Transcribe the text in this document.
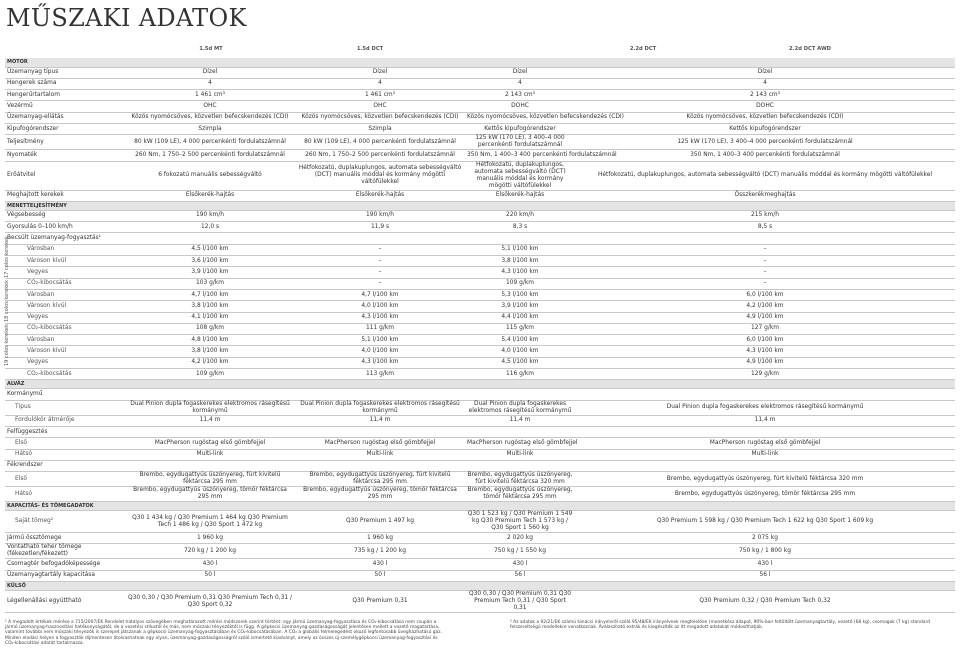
MŰSZAKI ADATOK
1.5d MT	1.5d DCT	2.2d DCT	2.2d DCT AWD
MOTOR				
Üzemanyag típus	Dízel	Dízel	Dízel	Dízel
Hengerek száma	4	4	4	4
Hengerűrtartalom	1 461 cm³	1 461 cm³	2 143 cm³	2 143 cm³
Vezérmű	OHC	OHC	DOHC	DOHC
Üzemanyag-ellátás	Közös nyomócsöves, közvetlen befecskendezés (CDI)	Közös nyomócsöves, közvetlen befecskendezés (CDI)	Közös nyomócsöves, közvetlen befecskendezés (CDI)	Közös nyomócsöves, közvetlen befecskendezés (CDI)
Kipufogórendszer	Szimpla	Szimpla	Kettős kipufogórendszer	Kettős kipufogórendszer
Teljesítmény	80 kW (109 LE), 4 000 percenkénti fordulatszámnál	80 kW (109 LE), 4 000 percenkénti fordulatszámnál	125 kW (170 LE), 3 400–4 000 percenkénti fordulatszámnál	125 kW (170 LE), 3 400–4 000 percenkénti fordulatszámnál
Nyomaték	260 Nm, 1 750–2 500 percenkénti fordulatszámnál	260 Nm, 1 750–2 500 percenkénti fordulatszámnál	350 Nm, 1 400–3 400 percenkénti fordulatszámnál	350 Nm, 1 400–3 400 percenkénti fordulatszámnál
Erőátvitel	6 fokozatú manuális sebességváltó	Hétfokozatú, duplakuplungos, automata sebességváltó (DCT) manuális móddal és kormány mögötti váltófülekkel	Hétfokozatú, duplakuplungos, automata sebességváltó (DCT) manuális móddal és kormány mögötti váltófülekkel	Hétfokozatú, duplakuplungos, automata sebességváltó (DCT) manuális móddal és kormány mögötti váltófülekkel
Meghajtott kerekek	Elsőkerék-hajtás	Elsőkerék-hajtás	Elsőkerék-hajtás	Összkerékmeghajtás
MENETTELJESÍTMÉNY				
Végsebesség	190 km/h	190 km/h	220 km/h	215 km/h
Gyorsulás 0–100 km/h	12,0 s	11,9 s	8,3 s	8,5 s
Becsült üzemanyag-fogyasztás¹				
Városban	4,5 l/100 km	–	5,1 l/100 km	–
Városon kívül	3,6 l/100 km	–	3,8 l/100 km	–
Vegyes	3,9 l/100 km	–	4,3 l/100 km	–
CO₂-kibocsátás	103 g/km	–	109 g/km	–
Városban	4,7 l/100 km	4,7 l/100 km	5,3 l/100 km	6,0 l/100 km
Városon kívül	3,8 l/100 km	4,0 l/100 km	3,9 l/100 km	4,2 l/100 km
Vegyes	4,1 l/100 km	4,3 l/100 km	4,4 l/100 km	4,9 l/100 km
CO₂-kibocsátás	108 g/km	111 g/km	115 g/km	127 g/km
Városban	4,8 l/100 km	5,1 l/100 km	5,4 l/100 km	6,0 l/100 km
Városon kívül	3,8 l/100 km	4,0 l/100 km	4,0 l/100 km	4,3 l/100 km
Vegyes	4,2 l/100 km	4,3 l/100 km	4,5 l/100 km	4,9 l/100 km
CO₂-kibocsátás	109 g/km	113 g/km	116 g/km	129 g/km
ALVÁZ				
Kormánymű				
Típus	Dual Pinion dupla fogaskerekes elektromos rásegítésű kormánymű	Dual Pinion dupla fogaskerekes elektromos rásegítésű kormánymű	Dual Pinion dupla fogaskerekes elektromos rásegítésű kormánymű	Dual Pinion dupla fogaskerekes elektromos rásegítésű kormánymű
Fordulókör átmérője	11,4 m	11,4 m	11,4 m	11,4 m
Felfüggesztés				
Első	MacPherson rugóstag első gömbfejjel	MacPherson rugóstag első gömbfejjel	MacPherson rugóstag első gömbfejjel	MacPherson rugóstag első gömbfejjel
Hátsó	Multi-link	Multi-link	Multi-link	Multi-link
Fékrendszer				
Első	Brembo, egydugattyús úszónyereg, fúrt kivitelű féktárcsa 295 mm	Brembo, egydugattyús úszónyereg, fúrt kivitelű féktárcsa 295 mm	Brembo, egydugattyús úszónyereg, fúrt kivitelű féktárcsa 320 mm	Brembo, egydugattyús úszónyereg, fúrt kivitelű féktárcsa 320 mm
Hátsó	Brembo, egydugattyús úszónyereg, tömör féktárcsa 295 mm	Brembo, egydugattyús úszónyereg, tömör féktárcsa 295 mm	Brembo, egydugattyús úszónyereg, tömör féktárcsa 295 mm	Brembo, egydugattyús úszónyereg, tömör féktárcsa 295 mm
KAPACITÁS- ÉS TÖMEGADATOK				
Saját tömeg²	Q30 1 434 kg / Q30 Premium 1 464 kg Q30 Premium Tech 1 486 kg / Q30 Sport 1 472 kg	Q30 Premium 1 497 kg	Q30 1 523 kg / Q30 Premium 1 549 kg Q30 Premium Tech 1 573 kg / Q30 Sport 1 560 kg	Q30 Premium 1 598 kg / Q30 Premium Tech 1 622 kg Q30 Sport 1 609 kg
Jármű össztömege	1 960 kg	1 960 kg	2 020 kg	2 075 kg
Vontatható teher tömege (fékezetlen/fékezett)	720 kg / 1 200 kg	735 kg / 1 200 kg	750 kg / 1 550 kg	750 kg / 1 800 kg
Csomagtér befogadóképessége	430 l	430 l	430 l	430 l
Üzemanyagtartály kapacitása	50 l	50 l	56 l	56 l
KÜLSŐ				
Légellenállási együttható	Q30 0,30 / Q30 Premium 0,31 Q30 Premium Tech 0,31 / Q30 Sport 0,32	Q30 Premium 0,31	Q30 0,30 / Q30 Premium 0,31 Q30 Premium Tech 0,31 / Q30 Sport 0,31	Q30 Premium 0,32 / Q30 Premium Tech 0,32
17 colos kerekek
18 colos kerekek
19 colos kerekek
¹ A megadott értékek mérése a 715/2007/EK Rendelet hatályos szövegében meghatározott mérési módszerek szerint történt: egy jármű üzemanyag-fogyasztása és CO₂-kibocsátása nem csupán a jármű üzemanyag-hasznosítási hatékonyságától, de a vezetési stílustól és más, nem műszaki tényezőktől is függ. A gépkocsi üzemanyag-gazdaságosságát jelentősen mellett a vezető magatartása, valamint további nem műszaki tényezők is szerepet játszanak a gépkocsi üzemanyag-fogyasztásában és CO₂-kibocsátásában. A CO₂ a globális felmelegedést okozó legfontosabb üvegházhatású gáz. Minden eladási helyen a fogyasztók díjmentesen átolvashatnak egy olyan, üzemanyag-gazdaságosságról szóló ismertető kiadványt, amely az összes új személygépkocsi üzemanyag-fogyasztási és CO₂-kibocsátási adatát tartalmazza.
² Az adatok a 92/21/EK számú tanácsi irányelvről szóló 95/48/EK irányelvnek megfelelően (menetkész állapot, 90%-ban feltöltött üzemanyagtartály, vezető (68 kg), csomagok (7 kg) standard felszereltségű modellekre vonatkoznak. Áválaszható extrák és kiegészítők az itt megadott adatokat módosíthatják.
